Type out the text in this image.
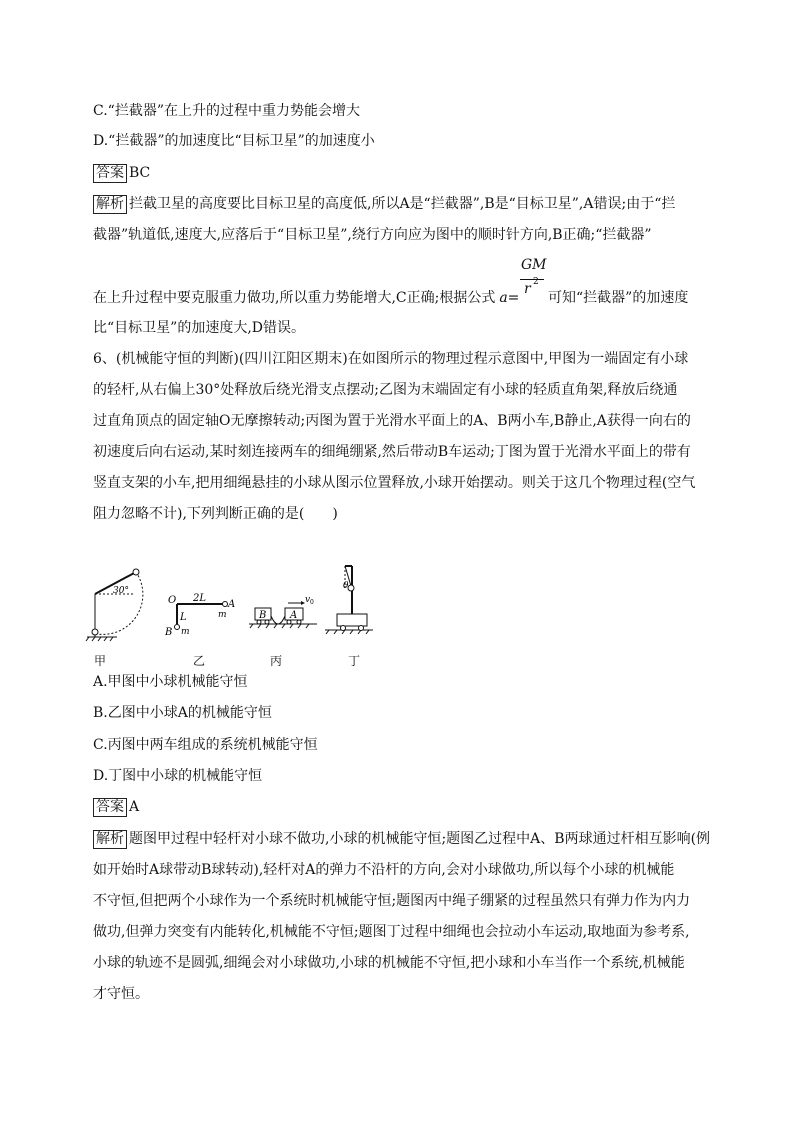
C.“拦截器”在上升的过程中重力势能会增大
D.“拦截器”的加速度比“目标卫星”的加速度小
答案 BC
解析 拦截卫星的高度要比目标卫星的高度低,所以A是“拦截器”,B是“目标卫星”,A错误;由于“拦
截器”轨道低,速度大,应落后于“目标卫星”,绕行方向应为图中的顺时针方向,B正确;“拦截器”
GM
r 2
在上升过程中要克服重力做功,所以重力势能增大,C正确;根据公式 a= 可知“拦截器”的加速度
比“目标卫星”的加速度大,D错误。
6、(机械能守恒的判断)(四川江阳区期末)在如图所示的物理过程示意图中,甲图为一端固定有小球
的轻杆,从右偏上30°处释放后绕光滑支点摆动;乙图为末端固定有小球的轻质直角架,释放后绕通
过直角顶点的固定轴O无摩擦转动;丙图为置于光滑水平面上的A、B两小车,B静止,A获得一向右的
初速度后向右运动,某时刻连接两车的细绳绷紧,然后带动B车运动;丁图为置于光滑水平面上的带有
竖直支架的小车,把用细绳悬挂的小球从图示位置释放,小球开始摆动。则关于这几个物理过程(空气
阻力忽略不计),下列判断正确的是(　　)
30°
O 2L
A
m
L
B m
B A
v 0
θ
甲	乙	丙	丁
A.甲图中小球机械能守恒
B.乙图中小球A的机械能守恒
C.丙图中两车组成的系统机械能守恒
D.丁图中小球的机械能守恒
答案 A
解析 题图甲过程中轻杆对小球不做功,小球的机械能守恒;题图乙过程中A、B两球通过杆相互影响(例
如开始时A球带动B球转动),轻杆对A的弹力不沿杆的方向,会对小球做功,所以每个小球的机械能
不守恒,但把两个小球作为一个系统时机械能守恒;题图丙中绳子绷紧的过程虽然只有弹力作为内力
做功,但弹力突变有内能转化,机械能不守恒;题图丁过程中细绳也会拉动小车运动,取地面为参考系,
小球的轨迹不是圆弧,细绳会对小球做功,小球的机械能不守恒,把小球和小车当作一个系统,机械能
才守恒。
